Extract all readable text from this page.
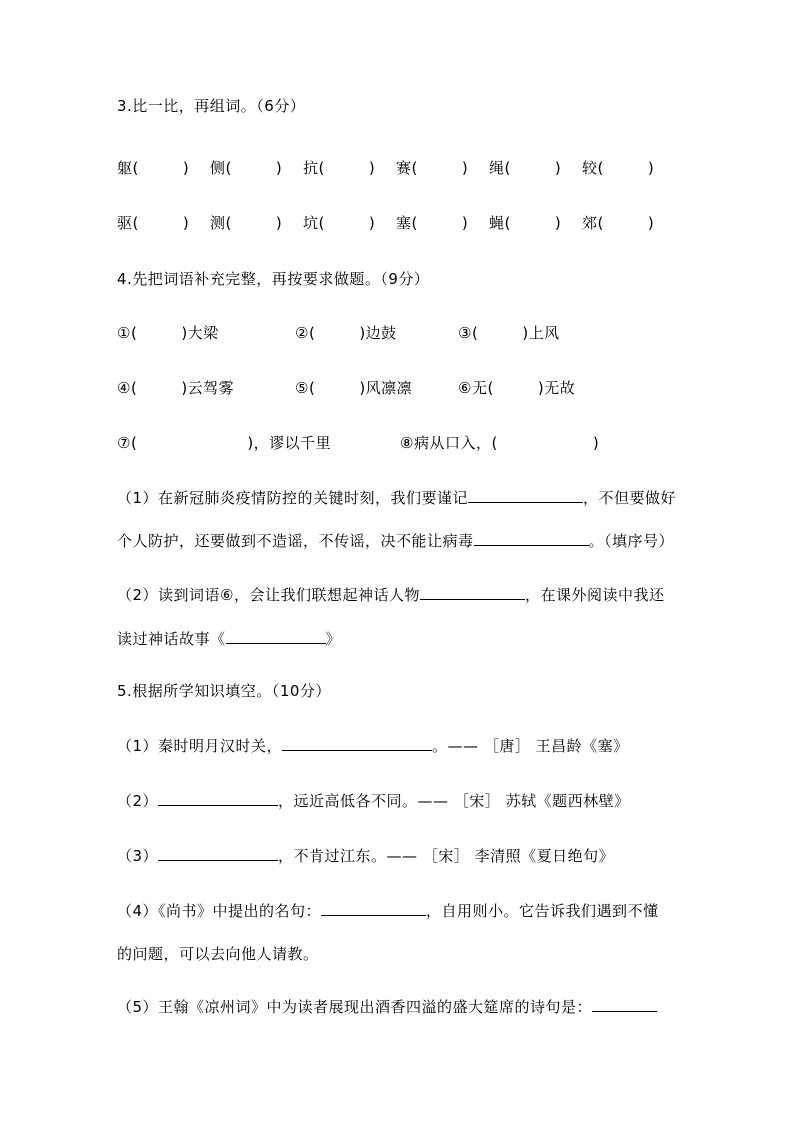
3.比一比，再组词。（6分）
躯(	)	侧(	)	抗(	)	赛(	)	绳(	)	较(	)
驱(	)	测(	)	坑(	)	塞(	)	蝇(	)	郊(	)
4.先把词语补充完整，再按要求做题。（9分）
①(	)大梁	②(	)边鼓	③(	)上风
④(	)云驾雾	⑤(	)风凛凛	⑥无(	)无故
⑦(	)，谬以千里	⑧病从口入，(	)
（1）在新冠肺炎疫情防控的关键时刻，我们要谨记	，不但要做好
个人防护，还要做到不造谣，不传谣，决不能让病毒	。（填序号）
（2）读到词语⑥，会让我们联想起神话人物	，在课外阅读中我还
读过神话故事《	》
5.根据所学知识填空。（10分）
（1）秦时明月汉时关，	。—— ［唐］ 王昌龄《塞》
（2）	，远近高低各不同。—— ［宋］ 苏轼《题西林壁》
（3）	，不肯过江东。—— ［宋］ 李清照《夏日绝句》
（4）《尚书》中提出的名句：	，自用则小。它告诉我们遇到不懂
的问题，可以去向他人请教。
（5）王翰《凉州词》中为读者展现出酒香四溢的盛大筵席的诗句是：
